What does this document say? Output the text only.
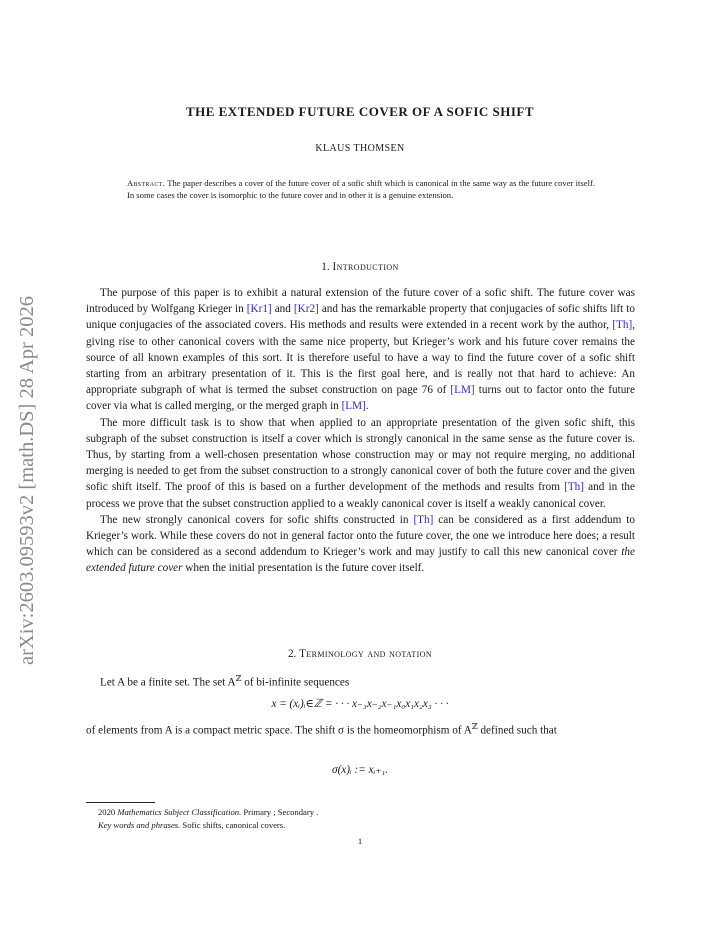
arXiv:2603.09593v2 [math.DS] 28 Apr 2026
THE EXTENDED FUTURE COVER OF A SOFIC SHIFT
KLAUS THOMSEN
Abstract. The paper describes a cover of the future cover of a sofic shift which is canonical in the same way as the future cover itself. In some cases the cover is isomorphic to the future cover and in other it is a genuine extension.
1. Introduction

The purpose of this paper is to exhibit a natural extension of the future cover of a sofic shift. The future cover was introduced by Wolfgang Krieger in [Kr1] and [Kr2] and has the remarkable property that conjugacies of sofic shifts lift to unique conjugacies of the associated covers. His methods and results were extended in a recent work by the author, [Th], giving rise to other canonical covers with the same nice property, but Krieger’s work and his future cover remains the source of all known examples of this sort. It is therefore useful to have a way to find the future cover of a sofic shift starting from an arbitrary presentation of it. This is the first goal here, and is really not that hard to achieve: An appropriate subgraph of what is termed the subset construction on page 76 of [LM] turns out to factor onto the future cover via what is called merging, or the merged graph in [LM].

The more difficult task is to show that when applied to an appropriate presentation of the given sofic shift, this subgraph of the subset construction is itself a cover which is strongly canonical in the same sense as the future cover is. Thus, by starting from a well-chosen presentation whose construction may or may not require merging, no additional merging is needed to get from the subset construction to a strongly canonical cover of both the future cover and the given sofic shift itself. The proof of this is based on a further development of the methods and results from [Th] and in the process we prove that the subset construction applied to a weakly canonical cover is itself a weakly canonical cover.

The new strongly canonical covers for sofic shifts constructed in [Th] can be considered as a first addendum to Krieger’s work. While these covers do not in general factor onto the future cover, the one we introduce here does; a result which can be considered as a second addendum to Krieger’s work and may justify to call this new canonical cover the extended future cover when the initial presentation is the future cover itself.

2. Terminology and notation

Let A be a finite set. The set $A^ℤ$ of bi-infinite sequences

x = (xᵢ)ᵢ∈ℤ = · · · x₋₃x₋₂x₋₁x₀x₁x₂x₃ · · ·

of elements from A is a compact metric space. The shift σ is the homeomorphism of $A^ℤ$ defined such that

σ(x)ᵢ := xᵢ₊₁.
2020 Mathematics Subject Classification. Primary ; Secondary .
Key words and phrases. Sofic shifts, canonical covers.
1
